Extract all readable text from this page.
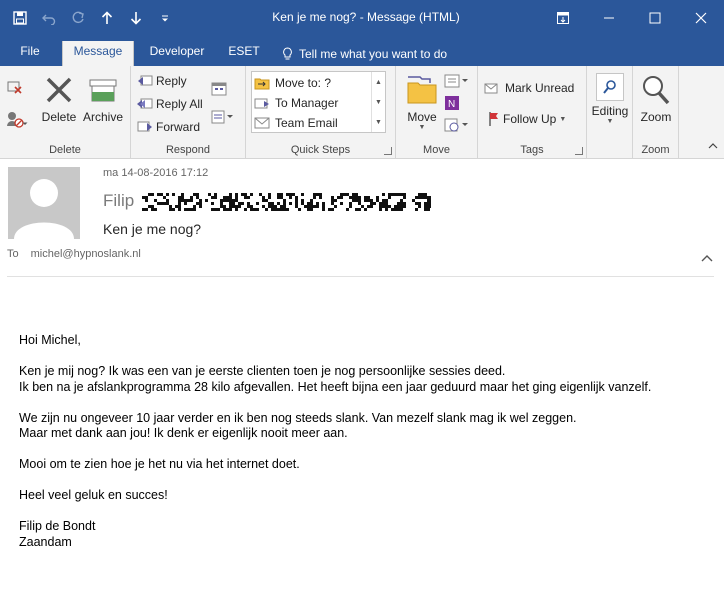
Ken je me nog? - Message (HTML)
File	Message	Developer	ESET	Tell me what you want to do
Delete Archive
Delete
Reply
Reply All
Forward
Respond
Move to: ?
To Manager
Team Email
▲
▼
▼
Quick Steps
Move
▼
N
Move
Mark Unread
Follow Up ▼
Tags
Editing
▼	Zoom
Zoom
ma 14-08-2016 17:12
Filip
Ken je me nog?
To michel@hypnoslank.nl

Hoi Michel,

Ken je mij nog? Ik was een van je eerste clienten toen je nog persoonlijke sessies deed.
Ik ben na je afslankprogramma 28 kilo afgevallen. Het heeft bijna een jaar geduurd maar het ging eigenlijk vanzelf.

We zijn nu ongeveer 10 jaar verder en ik ben nog steeds slank. Van mezelf slank mag ik wel zeggen.
Maar met dank aan jou! Ik denk er eigenlijk nooit meer aan.

Mooi om te zien hoe je het nu via het internet doet.

Heel veel geluk en succes!

Filip de Bondt
Zaandam
